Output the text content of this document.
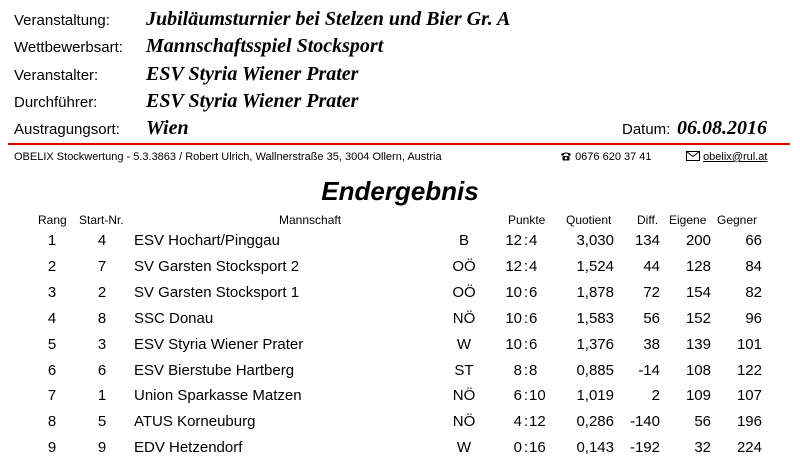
Veranstaltung: Jubiläumsturnier bei Stelzen und Bier Gr. A
Wettbewerbsart: Mannschaftsspiel Stocksport
Veranstalter: ESV Styria Wiener Prater
Durchführer: ESV Styria Wiener Prater
Austragungsort: Wien	Datum: 06.08.2016
OBELIX Stockwertung - 5.3.3863 / Robert Ulrich, Wallnerstraße 35, 3004 Ollern, Austria	0676 620 37 41	obelix@rul.at
Endergebnis
Rang Start-Nr.	Mannschaft	Punkte Quotient Diff. Eigene Gegner
1	4	ESV Hochart/Pinggau	B	12 : 4	3,030	134	200	66
2	7	SV Garsten Stocksport 2	OÖ	12 : 4	1,524	44	128	84
3	2	SV Garsten Stocksport 1	OÖ	10 : 6	1,878	72	154	82
4	8	SSC Donau	NÖ	10 : 6	1,583	56	152	96
5	3	ESV Styria Wiener Prater	W	10 : 6	1,376	38	139	101
6	6	ESV Bierstube Hartberg	ST	8 : 8	0,885	-14	108	122
7	1	Union Sparkasse Matzen	NÖ	6 : 10	1,019	2	109	107
8	5	ATUS Korneuburg	NÖ	4 : 12	0,286	-140	56	196
9	9	EDV Hetzendorf	W	0 : 16	0,143	-192	32	224
